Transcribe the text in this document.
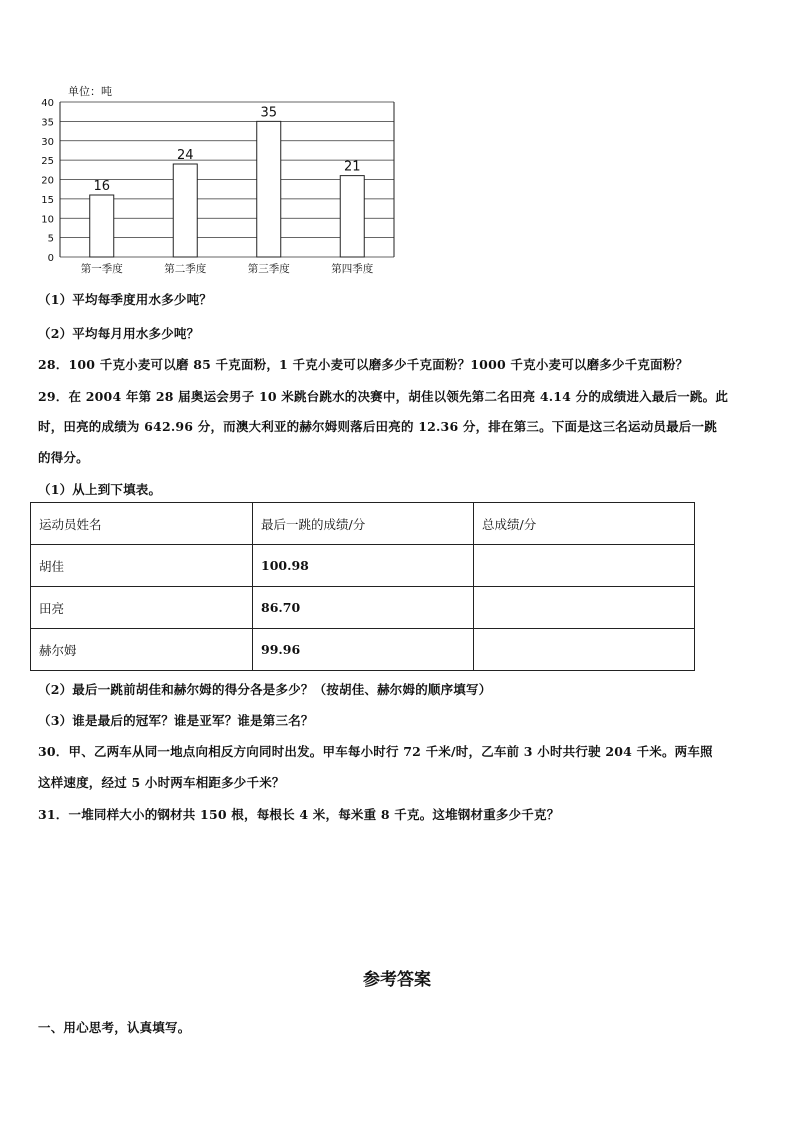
0
5
10
15
20
25
30
35
40
单位：吨
16
第一季度
24
第二季度
35
第三季度
21
第四季度
（1）平均每季度用水多少吨？
（2）平均每月用水多少吨？
28．100 千克小麦可以磨 85 千克面粉，1 千克小麦可以磨多少千克面粉？1000 千克小麦可以磨多少千克面粉？
29．在 2004 年第 28 届奥运会男子 10 米跳台跳水的决赛中，胡佳以领先第二名田亮 4.14 分的成绩进入最后一跳。此
时，田亮的成绩为 642.96 分，而澳大利亚的赫尔姆则落后田亮的 12.36 分，排在第三。下面是这三名运动员最后一跳
的得分。
（1）从上到下填表。
运动员姓名	最后一跳的成绩/分	总成绩/分
胡佳	100.98	
田亮	86.70	
赫尔姆	99.96	
（2）最后一跳前胡佳和赫尔姆的得分各是多少？（按胡佳、赫尔姆的顺序填写）
（3）谁是最后的冠军？谁是亚军？谁是第三名？
30．甲、乙两车从同一地点向相反方向同时出发。甲车每小时行 72 千米/时，乙车前 3 小时共行驶 204 千米。两车照
这样速度，经过 5 小时两车相距多少千米？
31．一堆同样大小的钢材共 150 根，每根长 4 米，每米重 8 千克。这堆钢材重多少千克？
参考答案
一、用心思考，认真填写。
